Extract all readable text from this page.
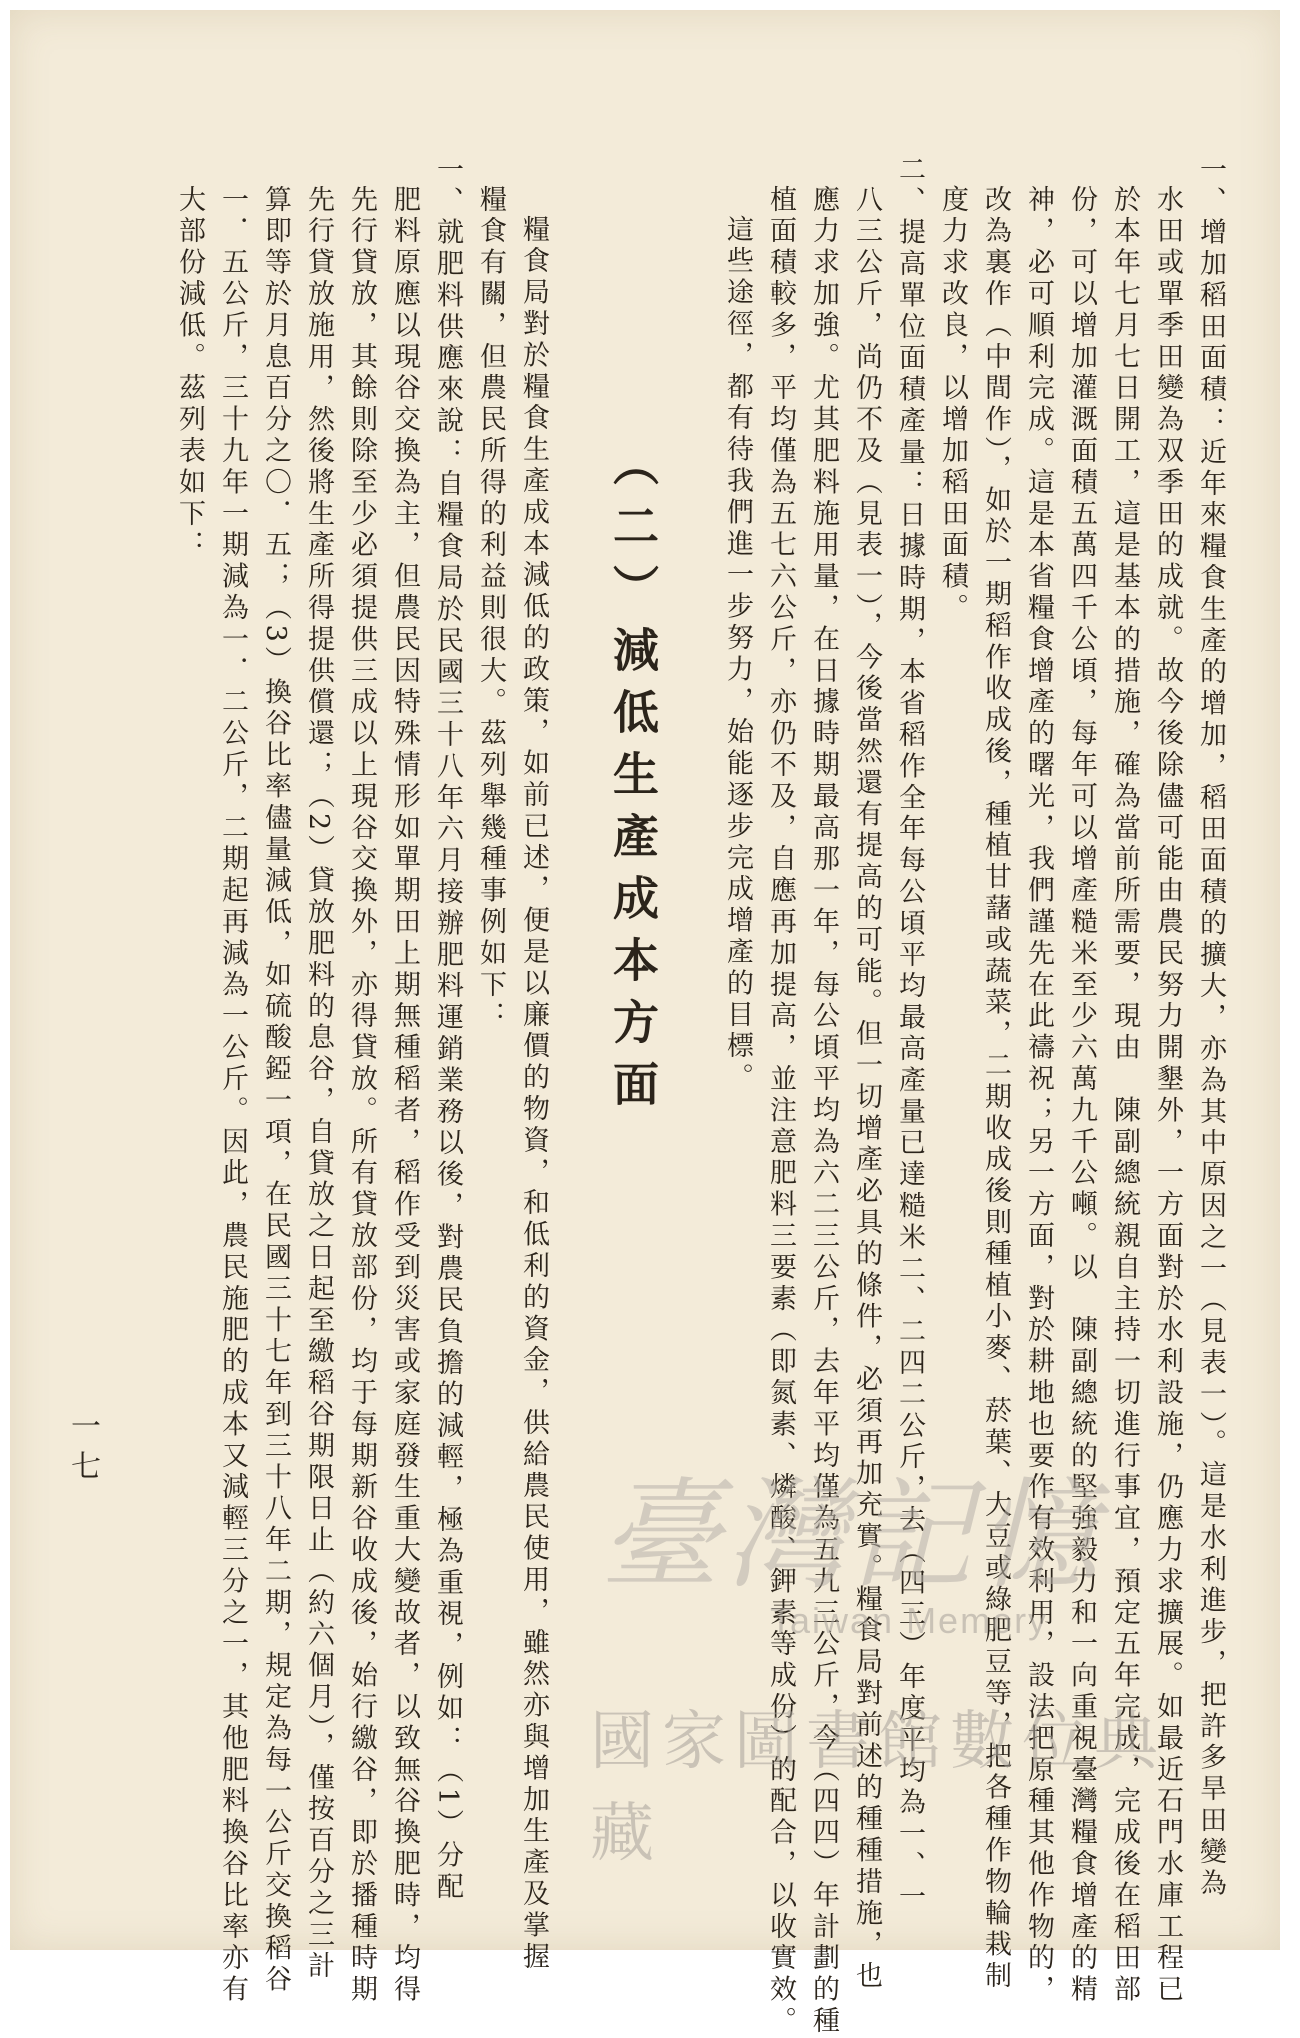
一、增加稻田面積：近年來糧食生產的增加，稻田面積的擴大，亦為其中原因之一（見表一）。這是水利進步，把許多旱田變為
水田或單季田變為双季田的成就。故今後除儘可能由農民努力開墾外，一方面對於水利設施，仍應力求擴展。如最近石門水庫工程已
於本年七月七日開工，這是基本的措施，確為當前所需要，現由　陳副總統親自主持一切進行事宜，預定五年完成，完成後在稻田部
份，可以增加灌溉面積五萬四千公頃，每年可以增產糙米至少六萬九千公噸。以　陳副總統的堅強毅力和一向重視臺灣糧食增產的精
神，必可順利完成。這是本省糧食增產的曙光，我們謹先在此禱祝；另一方面，對於耕地也要作有效利用，設法把原種其他作物的，
改為裏作（中間作），如於一期稻作收成後，種植甘藷或蔬菜，二期收成後則種植小麥、菸葉、大豆或綠肥豆等，把各種作物輪栽制
度力求改良，以增加稻田面積。
二、提高單位面積產量：日據時期，本省稻作全年每公頃平均最高產量已達糙米二、二四二公斤，去（四三）年度平均為一、一
八三公斤，尚仍不及（見表一），今後當然還有提高的可能。但一切增產必具的條件，必須再加充實。糧食局對前述的種種措施，也
應力求加強。尤其肥料施用量，在日據時期最高那一年，每公頃平均為六二三公斤，去年平均僅為五九三公斤，今（四四）年計劃的種
植面積較多，平均僅為五七六公斤，亦仍不及，自應再加提高，並注意肥料三要素（即氮素、燐酸、鉀素等成份）的配合，以收實效。
這些途徑，都有待我們進一步努力，始能逐步完成增產的目標。
（二）減低生產成本方面
糧食局對於糧食生產成本減低的政策，如前已述，便是以廉價的物資，和低利的資金，供給農民使用，雖然亦與增加生產及掌握
糧食有關，但農民所得的利益則很大。茲列舉幾種事例如下：
一、就肥料供應來說：自糧食局於民國三十八年六月接辦肥料運銷業務以後，對農民負擔的減輕，極為重視，例如：（1）分配
肥料原應以現谷交換為主，但農民因特殊情形如單期田上期無種稻者，稻作受到災害或家庭發生重大變故者，以致無谷換肥時，均得
先行貸放，其餘則除至少必須提供三成以上現谷交換外，亦得貸放。所有貸放部份，均于每期新谷收成後，始行繳谷，即於播種時期
先行貸放施用，然後將生產所得提供償還；（2）貸放肥料的息谷，自貸放之日起至繳稻谷期限日止（約六個月），僅按百分之三計
算即等於月息百分之〇．五；（3）換谷比率儘量減低，如硫酸錏一項，在民國三十七年到三十八年二期，規定為每一公斤交換稻谷
一．五公斤，三十九年一期減為一．二公斤，二期起再減為一公斤。因此，農民施肥的成本又減輕三分之一，其他肥料換谷比率亦有
大部份減低。茲列表如下：
一七
臺灣記憶
Taiwan Memory
國家圖書館數位典藏
